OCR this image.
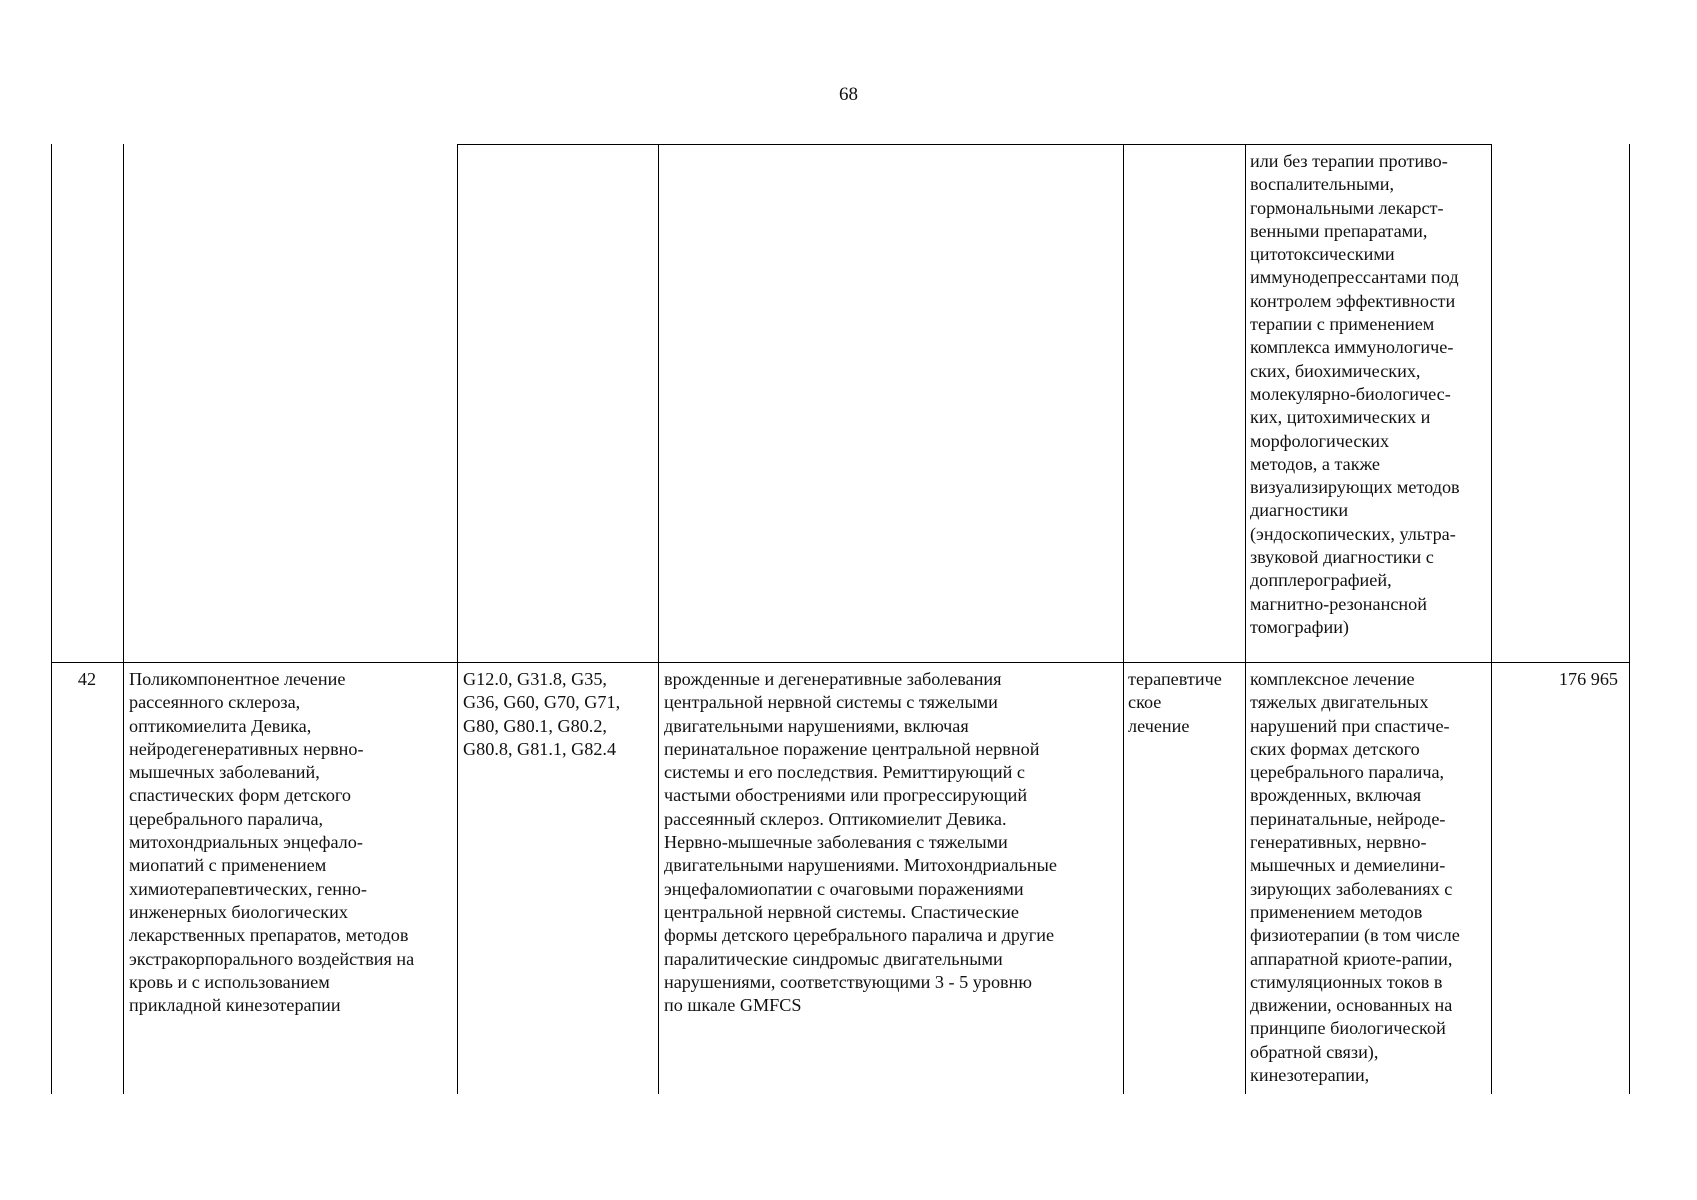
68
или без терапии противо-
воспалительными,
гормональными лекарст-
венными препаратами,
цитотоксическими
иммунодепрессантами под
контролем эффективности
терапии с применением
комплекса иммунологиче-
ских, биохимических,
молекулярно-биологичес-
ких, цитохимических и
морфологических
методов, а также
визуализирующих методов
диагностики
(эндоскопических, ультра-
звуковой диагностики с
допплерографией,
магнитно-резонансной
томографии)
42	Поликомпонентное лечение
рассеянного склероза,
оптикомиелита Девика,
нейродегенеративных нервно-
мышечных заболеваний,
спастических форм детского
церебрального паралича,
митохондриальных энцефало-
миопатий с применением
химиотерапевтических, генно-
инженерных биологических
лекарственных препаратов, методов
экстракорпорального воздействия на
кровь и с использованием
прикладной кинезотерапии
G12.0, G31.8, G35,
G36, G60, G70, G71,
G80, G80.1, G80.2,
G80.8, G81.1, G82.4
врожденные и дегенеративные заболевания
центральной нервной системы с тяжелыми
двигательными нарушениями, включая
перинатальное поражение центральной нервной
системы и его последствия. Ремиттирующий с
частыми обострениями или прогрессирующий
рассеянный склероз. Оптикомиелит Девика.
Нервно-мышечные заболевания с тяжелыми
двигательными нарушениями. Митохондриальные
энцефаломиопатии с очаговыми поражениями
центральной нервной системы. Спастические
формы детского церебрального паралича и другие
паралитические синдромыс двигательными
нарушениями, соответствующими 3 - 5 уровню
по шкале GMFCS
терапевтиче
ское
лечение
комплексное лечение
тяжелых двигательных
нарушений при спастиче-
ских формах детского
церебрального паралича,
врожденных, включая
перинатальные, нейроде-
генеративных, нервно-
мышечных и демиелини-
зирующих заболеваниях с
применением методов
физиотерапии (в том числе
аппаратной криоте-рапии,
стимуляционных токов в
движении, основанных на
принципе биологической
обратной связи),
кинезотерапии,
176 965
